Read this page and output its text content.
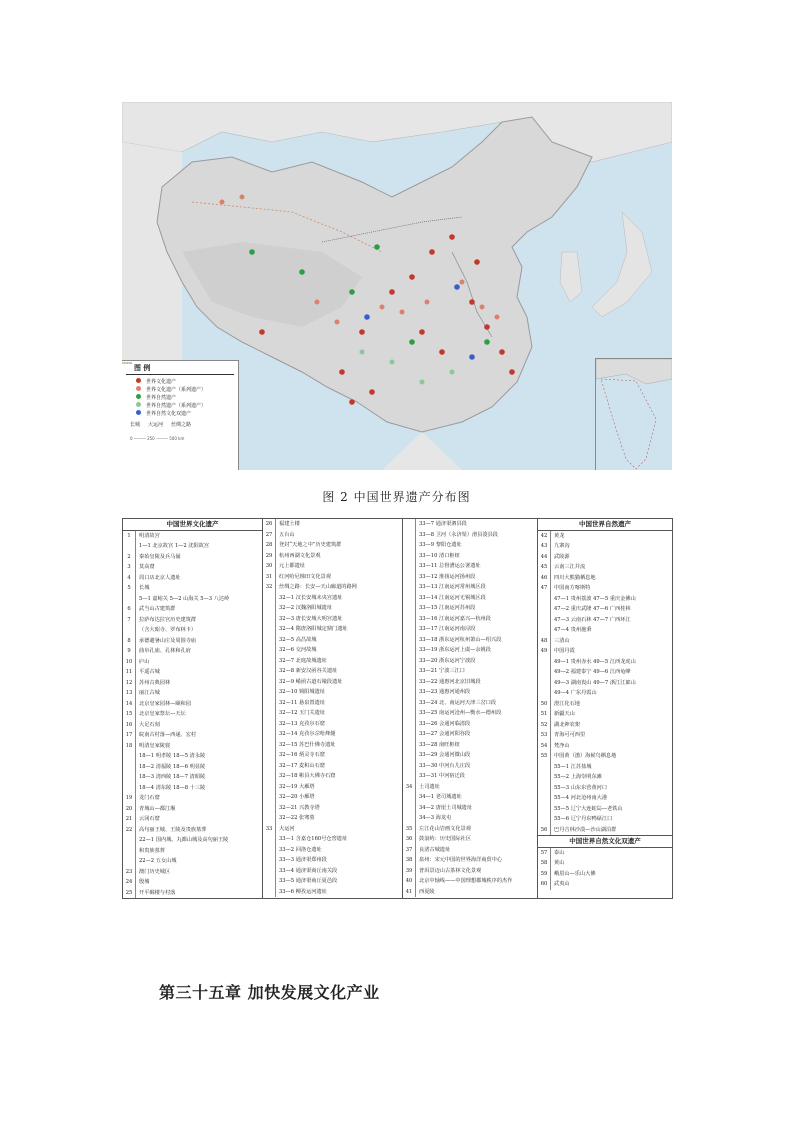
图 例
世界文化遗产
世界文化遗产（系列遗产）
世界自然遗产
世界自然遗产（系列遗产）
世界自然文化双遗产
长城 大运河 丝绸之路
0 ——— 250 ——— 500 km
图 2 中国世界遗产分布图
中国世界文化遗产
1	明清故宫
1—1 北京故宫 1—2 沈阳故宫
2	秦始皇陵及兵马俑
3	莫高窟
4	周口店北京人遗址
5	长城
5—1 嘉峪关 5—2 山海关 5—3 八达岭
6	武当山古建筑群
7	拉萨布达拉宫历史建筑群
（含大昭寺、罗布林卡）
8	承德避暑山庄及周围寺庙
9	曲阜孔庙、孔林和孔府
10	庐山
11	平遥古城
12	苏州古典园林
13	丽江古城
14	北京皇家园林—颐和园
15	北京皇家祭坛—天坛
16	大足石刻
17	皖南古村落—西递、宏村
18	明清皇家陵寝
18—1 明孝陵 18—5 清永陵
18—2 清福陵 18—6 明显陵
18—3 清西陵 18—7 清昭陵
18—4 清东陵 18—8 十三陵
19	龙门石窟
20	青城山—都江堰
21	云冈石窟
22	高句丽王城、王陵及贵族墓葬
22—1 国内城、丸都山城及高句丽王陵
和贵族墓葬
22—2 五女山城
23	澳门历史城区
24	殷墟
25	开平碉楼与村落

26	福建土楼
27	五台山
28	登封“天地之中”历史建筑群
29	杭州西湖文化景观
30	元上都遗址
31	红河哈尼梯田文化景观
32	丝绸之路：长安—天山廊道的路网
32—1 汉长安城未央宫遗址
32—2 汉魏洛阳城遗址
32—3 唐长安城大明宫遗址
32—4 隋唐洛阳城定鼎门遗址
32—5 高昌故城
32—6 交河故城
32—7 北庭故城遗址
32—8 新安汉函谷关遗址
32—9 崤函古道石壕段遗址
32—10 锁阳城遗址
32—11 悬泉置遗址
32—12 玉门关遗址
32—13 克孜尔石窟
32—14 克孜尔尕哈烽燧
32—15 苏巴什佛寺遗址
32—16 炳灵寺石窟
32—17 麦积山石窟
32—18 彬县大佛寺石窟
32—19 大雁塔
32—20 小雁塔
32—21 兴教寺塔
32—22 张骞墓
33	大运河
33—1 含嘉仓160号仓窖遗址
33—2 回洛仓遗址
33—3 通济渠郑州段
33—4 通济渠商丘南关段
33—5 通济渠商丘夏邑段
33—6 柳孜运河遗址

33—7 通济渠泗县段
33—8 卫河（永济渠）滑县浚县段
33—9 黎阳仓遗址
33—10 清口枢纽
33—11 总督漕运公署遗址
33—12 淮扬运河扬州段
33—13 江南运河常州城区段
33—14 江南运河无锡城区段
33—15 江南运河苏州段
33—16 江南运河嘉兴—杭州段
33—17 江南运河南浔段
33—18 浙东运河杭州萧山—绍兴段
33—19 浙东运河上虞—余姚段
33—20 浙东运河宁波段
33—21 宁波三江口
33—22 通惠河北京旧城段
33—23 通惠河通州段
33—24 北、南运河天津三岔口段
33—25 南运河沧州—衡水—德州段
33—26 会通河临清段
33—27 会通河阳谷段
33—28 南旺枢纽
33—29 会通河微山段
33—30 中河台儿庄段
33—31 中河宿迁段
34	土司遗址
34—1 老司城遗址
34—2 唐崖土司城遗址
34—3 海龙屯
35	左江花山岩画文化景观
36	鼓浪屿：历史国际社区
37	良渚古城遗址
38	泉州：宋元中国的世界海洋商贸中心
39	普洱景迈山古茶林文化景观
40	北京中轴线——中国理想都城秩序的杰作
41	西夏陵

中国世界自然遗产
42	黄龙
43	九寨沟
44	武陵源
45	云南三江并流
46	四川大熊猫栖息地
47	中国南方喀斯特
47—1 贵州荔波 47—5 重庆金佛山
47—2 重庆武隆 47—6 广西桂林
47—3 云南石林 47—7 广西环江
47—4 贵州施秉
48	三清山
49	中国丹霞
49—1 贵州赤水 49—5 江西龙虎山
49—2 福建泰宁 49—6 江西龟峰
49—3 湖南崀山 49—7 浙江江郎山
49—4 广东丹霞山
50	澄江化石地
51	新疆天山
52	湖北神农架
53	青海可可西里
54	梵净山
55	中国黄（渤）海候鸟栖息地
55—1 江苏盐城
55—2 上海崇明东滩
55—3 山东东营黄河口
55—4 河北沧州南大港
55—5 辽宁大连蛇岛—老铁山
55—6 辽宁丹东鸭绿江口
56	巴丹吉林沙漠—沙山湖泊群
中国世界自然文化双遗产
57	泰山
58	黄山
59	峨眉山—乐山大佛
60	武夷山
第三十五章 加快发展文化产业
